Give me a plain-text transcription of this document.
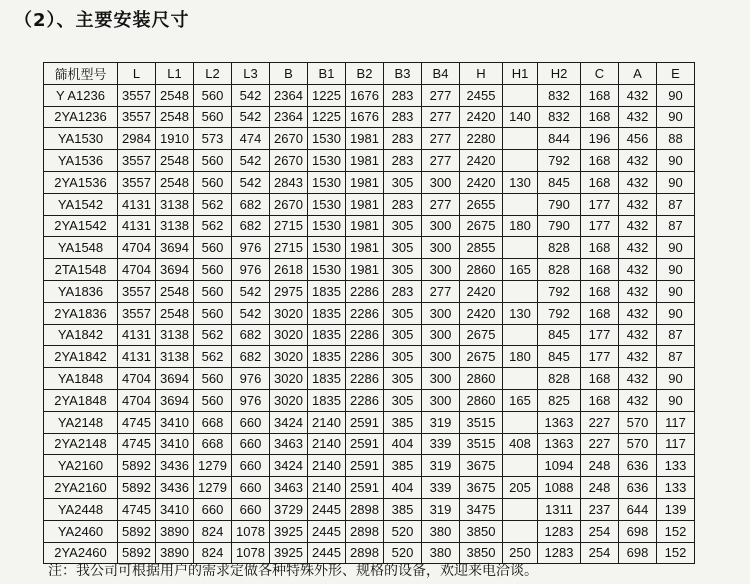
（2）、主要安装尺寸
篩机型号	L	L1	L2	L3	B	B1	B2	B3	B4	H	H1	H2	C	A	E
Y A1236	3557	2548	560	542	2364	1225	1676	283	277	2455		832	168	432	90
2YA1236	3557	2548	560	542	2364	1225	1676	283	277	2420	140	832	168	432	90
YA1530	2984	1910	573	474	2670	1530	1981	283	277	2280		844	196	456	88
YA1536	3557	2548	560	542	2670	1530	1981	283	277	2420		792	168	432	90
2YA1536	3557	2548	560	542	2843	1530	1981	305	300	2420	130	845	168	432	90
YA1542	4131	3138	562	682	2670	1530	1981	283	277	2655		790	177	432	87
2YA1542	4131	3138	562	682	2715	1530	1981	305	300	2675	180	790	177	432	87
YA1548	4704	3694	560	976	2715	1530	1981	305	300	2855		828	168	432	90
2TA1548	4704	3694	560	976	2618	1530	1981	305	300	2860	165	828	168	432	90
YA1836	3557	2548	560	542	2975	1835	2286	283	277	2420		792	168	432	90
2YA1836	3557	2548	560	542	3020	1835	2286	305	300	2420	130	792	168	432	90
YA1842	4131	3138	562	682	3020	1835	2286	305	300	2675		845	177	432	87
2YA1842	4131	3138	562	682	3020	1835	2286	305	300	2675	180	845	177	432	87
YA1848	4704	3694	560	976	3020	1835	2286	305	300	2860		828	168	432	90
2YA1848	4704	3694	560	976	3020	1835	2286	305	300	2860	165	825	168	432	90
YA2148	4745	3410	668	660	3424	2140	2591	385	319	3515		1363	227	570	117
2YA2148	4745	3410	668	660	3463	2140	2591	404	339	3515	408	1363	227	570	117
YA2160	5892	3436	1279	660	3424	2140	2591	385	319	3675		1094	248	636	133
2YA2160	5892	3436	1279	660	3463	2140	2591	404	339	3675	205	1088	248	636	133
YA2448	4745	3410	660	660	3729	2445	2898	385	319	3475		1311	237	644	139
YA2460	5892	3890	824	1078	3925	2445	2898	520	380	3850		1283	254	698	152
2YA2460	5892	3890	824	1078	3925	2445	2898	520	380	3850	250	1283	254	698	152
注：我公司可根据用户的需求定做各种特殊外形、规格的设备，欢迎来电洽谈。
